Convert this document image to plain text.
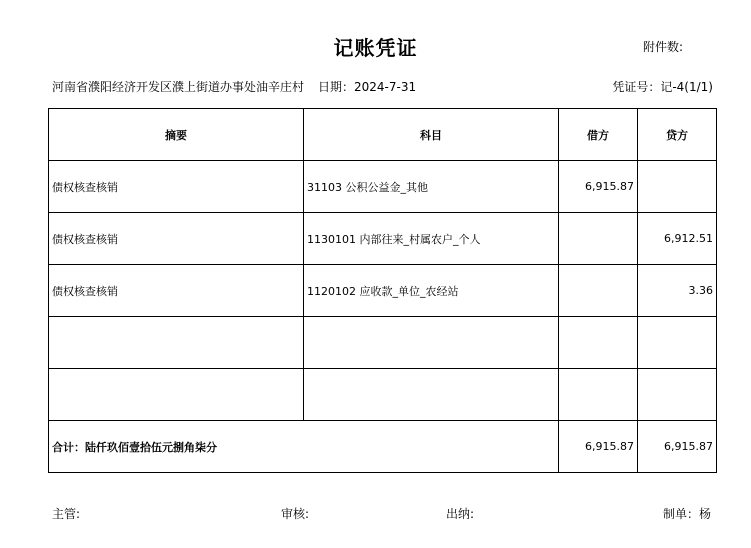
记账凭证	附件数:
河南省濮阳经济开发区濮上街道办事处油辛庄村 日期：2024-7-31	凭证号：记-4(1/1)
摘要	科目	借方	贷方
债权核查核销	31103 公积公益金_其他	6,915.87	
债权核查核销	1130101 内部往来_村属农户_个人		6,912.51
债权核查核销	1120102 应收款_单位_农经站		3.36

合计：陆仟玖佰壹拾伍元捌角柒分		6,915.87	6,915.87
主管:	审核:	出纳:	制单：杨
